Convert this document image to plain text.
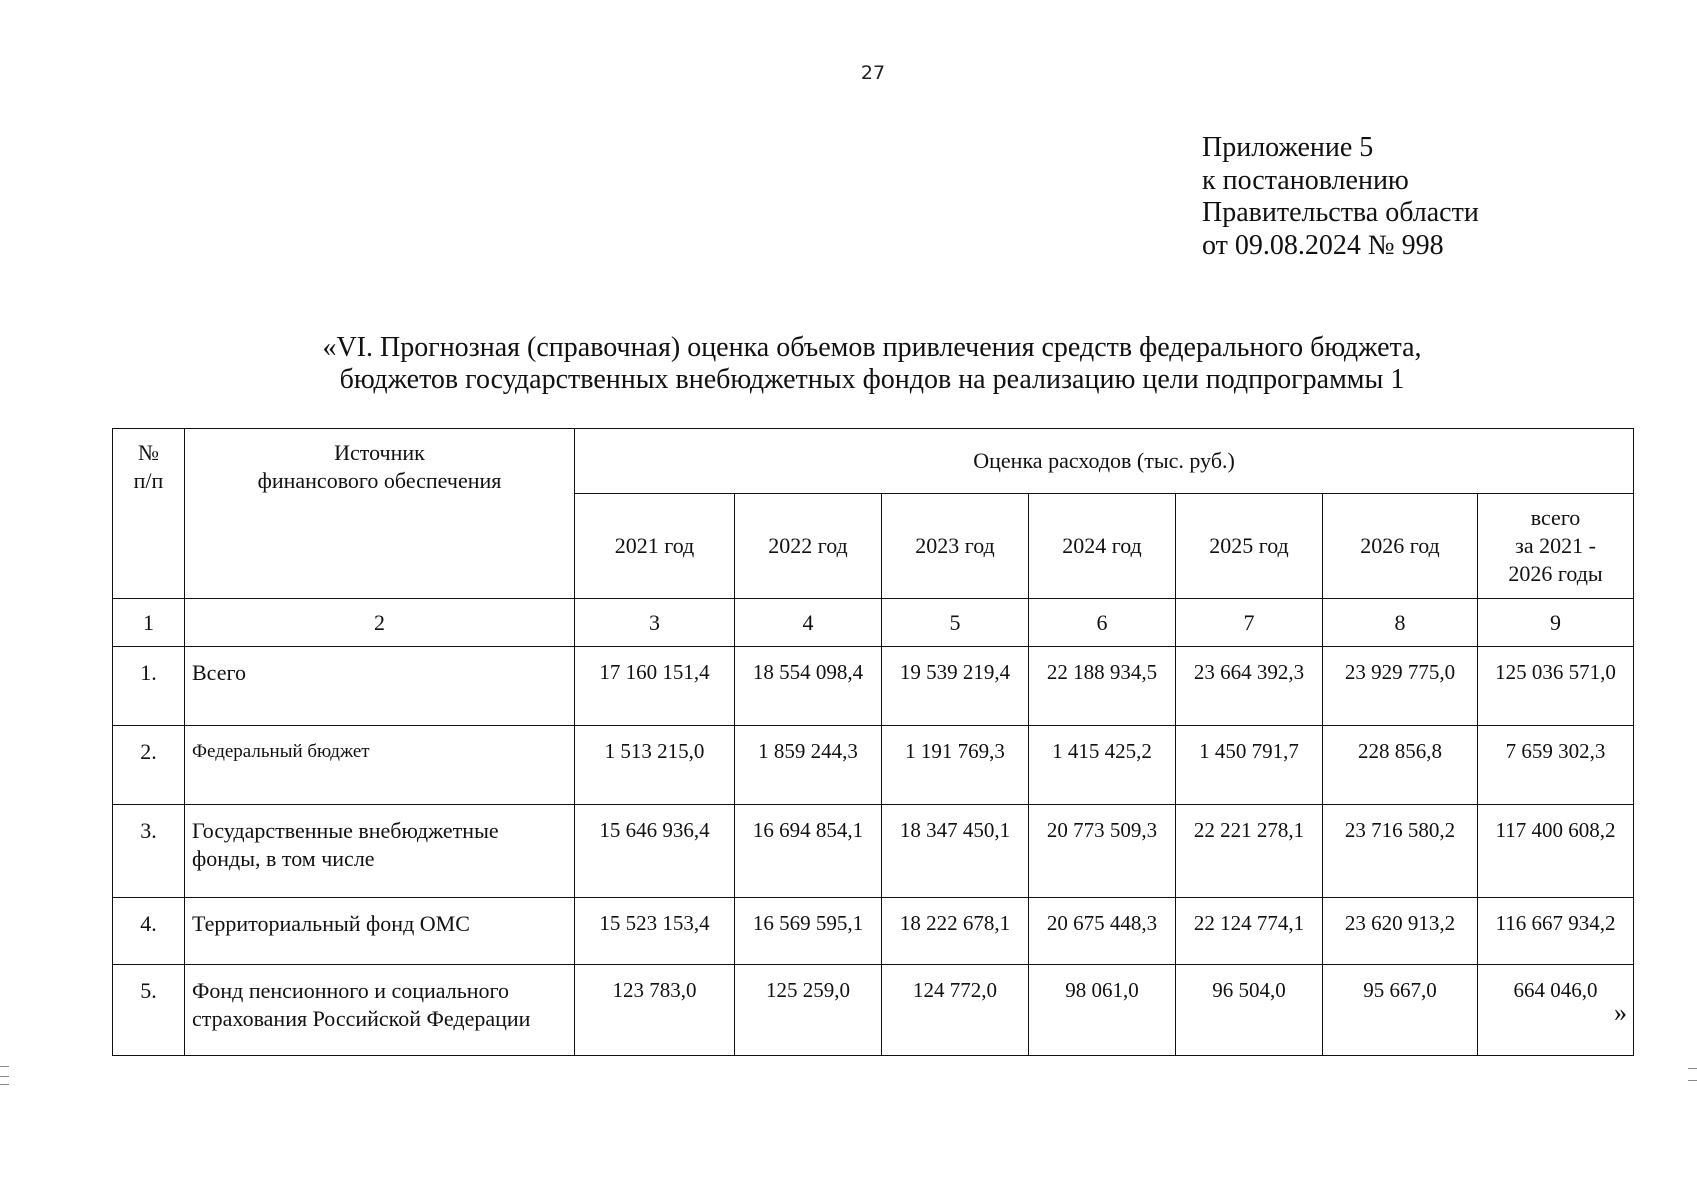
27
Приложение 5
к постановлению
Правительства области
от 09.08.2024 № 998
«VI. Прогнозная (справочная) оценка объемов привлечения средств федерального бюджета,
бюджетов государственных внебюджетных фондов на реализацию цели подпрограммы 1
№
п/п	Источник
финансового обеспечения	Оценка расходов (тыс. руб.)						
		2021 год	2022 год	2023 год	2024 год	2025 год	2026 год	всего
за 2021 -
2026 годы
1	2	3	4	5	6	7	8	9
1.	Всего	17 160 151,4	18 554 098,4	19 539 219,4	22 188 934,5	23 664 392,3	23 929 775,0	125 036 571,0
2.	Федеральный бюджет	1 513 215,0	1 859 244,3	1 191 769,3	1 415 425,2	1 450 791,7	228 856,8	7 659 302,3
3.	Государственные внебюджетные
фонды, в том числе	15 646 936,4	16 694 854,1	18 347 450,1	20 773 509,3	22 221 278,1	23 716 580,2	117 400 608,2
4.	Территориальный фонд ОМС	15 523 153,4	16 569 595,1	18 222 678,1	20 675 448,3	22 124 774,1	23 620 913,2	116 667 934,2
5.	Фонд пенсионного и социального
страхования Российской Федерации	123 783,0	125 259,0	124 772,0	98 061,0	96 504,0	95 667,0	664 046,0
»
